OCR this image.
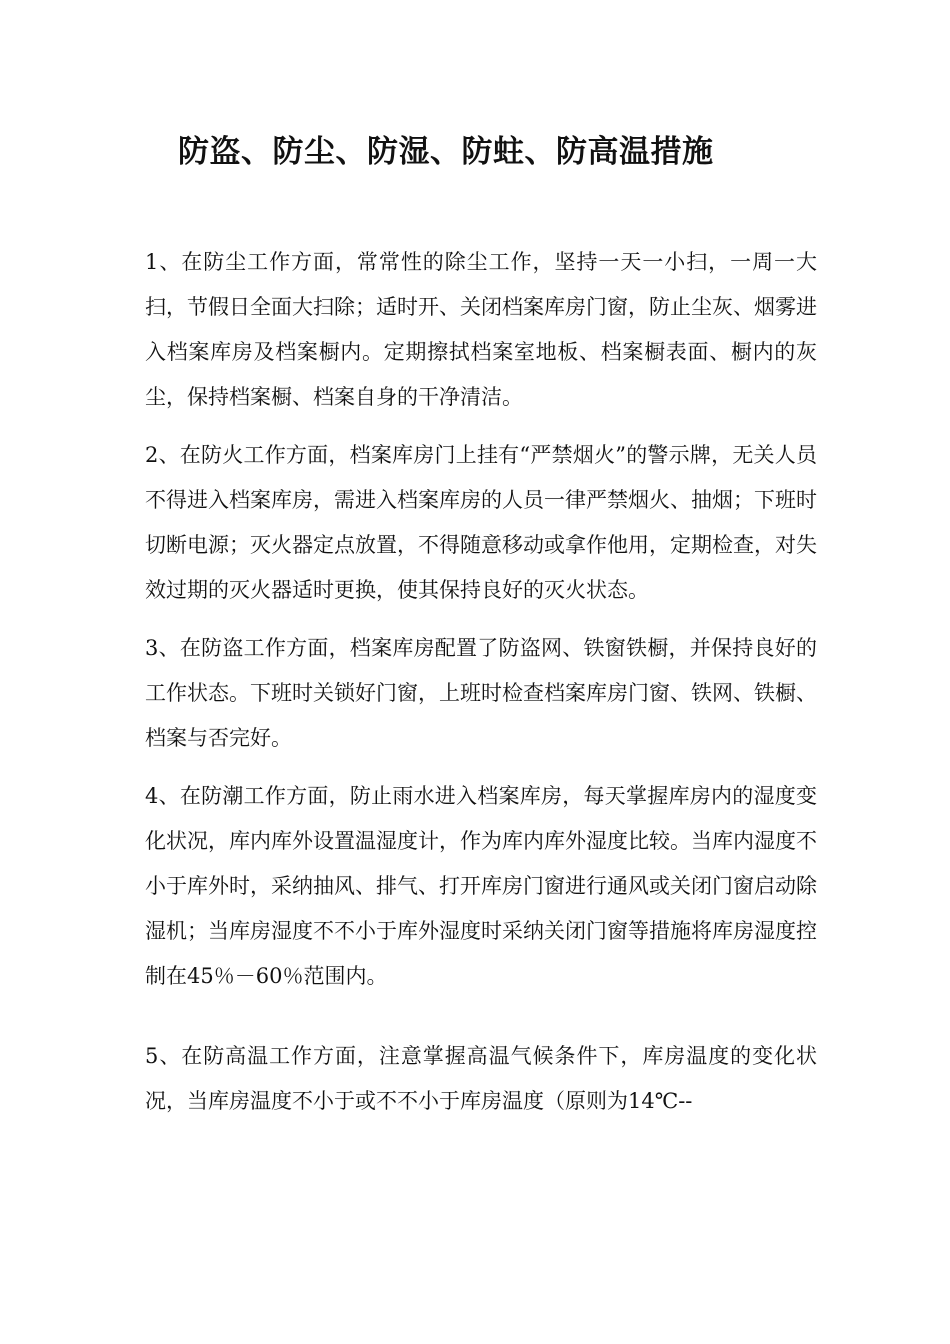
防盗、防尘、防湿、防蛀、防高温措施

1、在防尘工作方面，常常性的除尘工作，坚持一天一小扫，一周一大扫，节假日全面大扫除；适时开、关闭档案库房门窗，防止尘灰、烟雾进入档案库房及档案橱内。定期擦拭档案室地板、档案橱表面、橱内的灰尘，保持档案橱、档案自身的干净清洁。

2、在防火工作方面，档案库房门上挂有“严禁烟火”的警示牌，无关人员不得进入档案库房，需进入档案库房的人员一律严禁烟火、抽烟；下班时切断电源；灭火器定点放置，不得随意移动或拿作他用，定期检查，对失效过期的灭火器适时更换，使其保持良好的灭火状态。

3、在防盗工作方面，档案库房配置了防盗网、铁窗铁橱，并保持良好的工作状态。下班时关锁好门窗，上班时检查档案库房门窗、铁网、铁橱、档案与否完好。

4、在防潮工作方面，防止雨水进入档案库房，每天掌握库房内的湿度变化状况，库内库外设置温湿度计，作为库内库外湿度比较。当库内湿度不小于库外时，采纳抽风、排气、打开库房门窗进行通风或关闭门窗启动除湿机；当库房湿度不不小于库外湿度时采纳关闭门窗等措施将库房湿度控制在45％－60％范围内。

5、在防高温工作方面，注意掌握高温气候条件下，库房温度的变化状况，当库房温度不小于或不不小于库房温度（原则为14℃--
